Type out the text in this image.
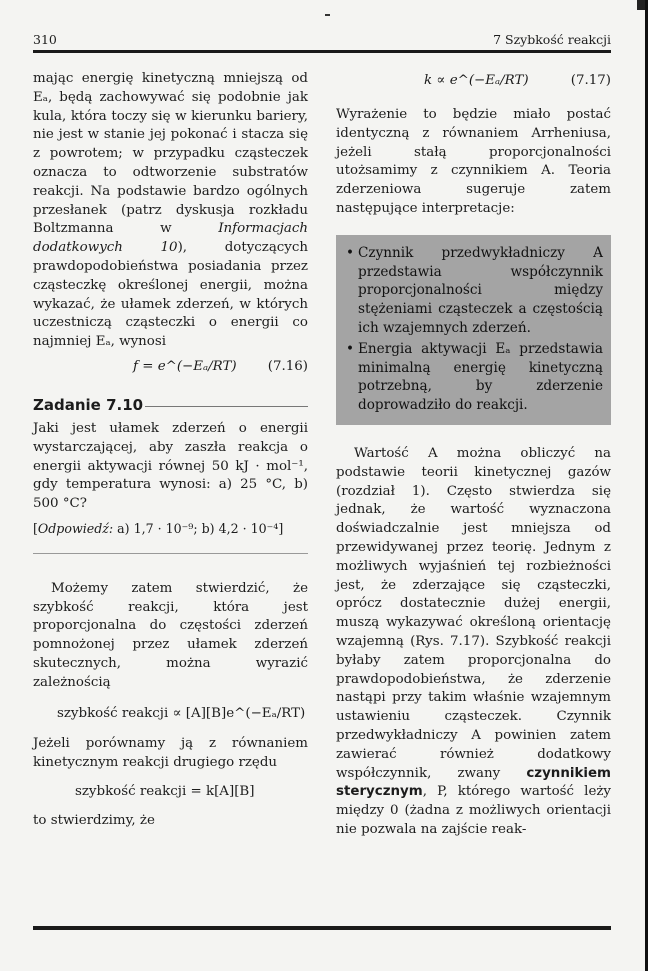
310	7 Szybkość reakcji

mając energię kinetyczną mniejszą od Eₐ, będą zachowywać się podobnie jak kula, która toczy się w kierunku bariery, nie jest w stanie jej pokonać i stacza się z powrotem; w przypadku cząsteczek oznacza to odtworzenie substratów reakcji. Na podstawie bardzo ogólnych przesłanek (patrz dyskusja rozkładu Boltzmanna w	Informacjach dodatkowych 10), dotyczących prawdopodobieństwa posiadania przez cząsteczkę określonej energii, można wykazać, że ułamek zderzeń, w których uczestniczą cząsteczki o energii co najmniej Eₐ, wynosi

f = e^(−Eₐ/RT) (7.16)
Zadanie 7.10

Jaki jest ułamek zderzeń o energii wystarczającej, aby zaszła reakcja o energii aktywacji równej 50 kJ · mol⁻¹, gdy temperatura wynosi: a) 25 °C, b) 500 °C?

[Odpowiedź: a) 1,7 · 10⁻⁹; b) 4,2 · 10⁻⁴]

Możemy zatem stwierdzić, że szybkość reakcji, która jest proporcjonalna do częstości zderzeń pomnożonej przez ułamek zderzeń skutecznych, można wyrazić zależnością

szybkość reakcji ∝ [A][B]e^(−Eₐ/RT)

Jeżeli porównamy ją z równaniem kinetycznym reakcji drugiego rzędu

szybkość reakcji = k[A][B]

to stwierdzimy, że

k ∝ e^(−Eₐ/RT)	(7.17)

Wyrażenie to będzie miało postać identyczną z równaniem Arrheniusa, jeżeli stałą proporcjonalności utożsamimy z czynnikiem A. Teoria zderzeniowa sugeruje zatem następujące interpretacje:

• Czynnik przedwykładniczy A przedstawia współczynnik proporcjonalności między stężeniami cząsteczek a częstością ich wzajemnych zderzeń.
• Energia aktywacji Eₐ przedstawia minimalną energię kinetyczną potrzebną, by zderzenie doprowadziło do reakcji.

Wartość A można obliczyć na podstawie teorii kinetycznej gazów (rozdział 1). Często stwierdza się jednak, że wartość wyznaczona doświadczalnie jest mniejsza od przewidywanej przez teorię. Jednym z możliwych wyjaśnień tej rozbieżności jest, że zderzające się cząsteczki, oprócz dostatecznie dużej energii, muszą wykazywać określoną orientację wzajemną (Rys. 7.17). Szybkość reakcji byłaby zatem proporcjonalna do prawdopodobieństwa, że zderzenie nastąpi przy takim właśnie wzajemnym ustawieniu cząsteczek. Czynnik przedwykładniczy A powinien zatem zawierać również dodatkowy współczynnik, zwany czynnikiem sterycznym, P, którego wartość leży między 0 (żadna z możliwych orientacji nie pozwala na zajście reak-
